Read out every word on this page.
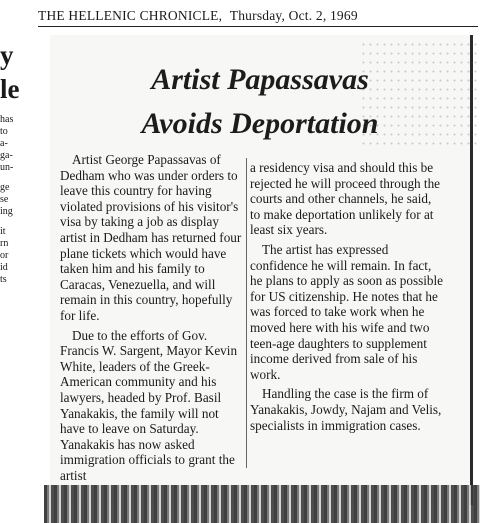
THE HELLENIC CHRONICLE, Thursday, Oct. 2, 1969
y
le
has
to
a-
ga-
un-
ge
se
ing
it
rn
or
id
ts
Artist Papassavas
Avoids Deportation

Artist George Papassavas of Dedham who was under orders to leave this country for having violated provisions of his visitor's visa by taking a job as display artist in Dedham has returned four plane tickets which would have taken him and his family to Caracas, Venezuella, and will remain in this country, hopefully for life.

Due to the efforts of Gov. Francis W. Sargent, Mayor Kevin White, leaders of the Greek-American community and his lawyers, headed by Prof. Basil Yanakakis, the family will not have to leave on Saturday. Yanakakis has now asked immigration officials to grant the artist

a residency visa and should this be rejected he will proceed through the courts and other channels, he said, to make deportation unlikely for at least six years.

The artist has expressed confidence he will remain. In fact, he plans to apply as soon as possible for US citizenship. He notes that he was forced to take work when he moved here with his wife and two teen-age daughters to supplement income derived from sale of his work.

Handling the case is the firm of Yanakakis, Jowdy, Najam and Velis, specialists in immigration cases.
